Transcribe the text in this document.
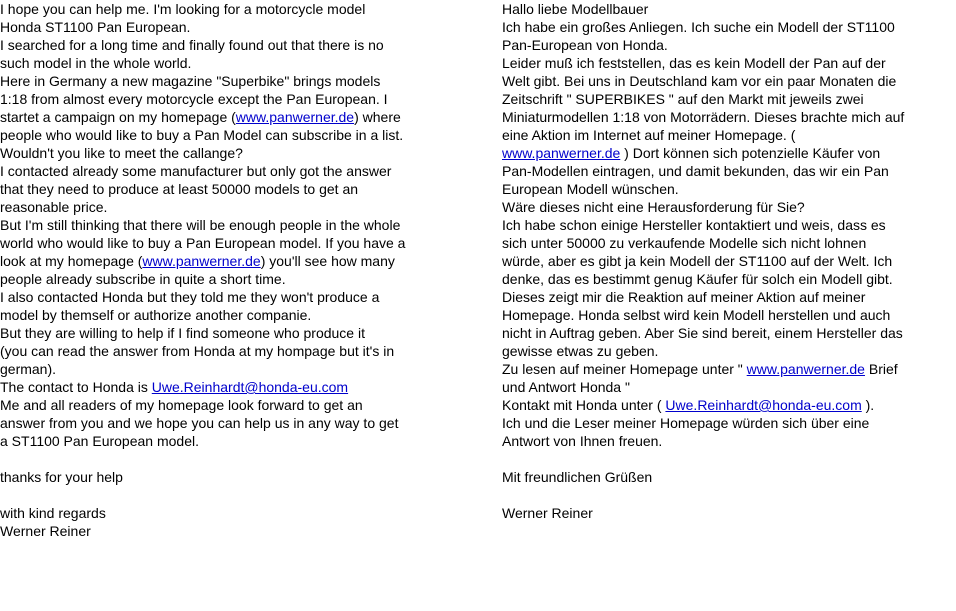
I hope you can help me. I'm looking for a motorcycle model
Honda ST1100 Pan European.
I searched for a long time and finally found out that there is no
such model in the whole world.
Here in Germany a new magazine "Superbike" brings models
1:18 from almost every motorcycle except the Pan European. I
startet a campaign on my homepage (www.panwerner.de) where
people who would like to buy a Pan Model can subscribe in a list.
Wouldn't you like to meet the callange?
I contacted already some manufacturer but only got the answer
that they need to produce at least 50000 models to get an
reasonable price.
But I'm still thinking that there will be enough people in the whole
world who would like to buy a Pan European model. If you have a
look at my homepage (www.panwerner.de) you'll see how many
people already subscribe in quite a short time.
I also contacted Honda but they told me they won't produce a
model by themself or authorize another companie.
But they are willing to help if I find someone who produce it
(you can read the answer from Honda at my hompage but it's in
german).
The contact to Honda is Uwe.Reinhardt@honda-eu.com
Me and all readers of my homepage look forward to get an
answer from you and we hope you can help us in any way to get
a ST1100 Pan European model.
thanks for your help
with kind regards
Werner Reiner
Hallo liebe Modellbauer
Ich habe ein großes Anliegen. Ich suche ein Modell der ST1100
Pan-European von Honda.
Leider muß ich feststellen, das es kein Modell der Pan auf der
Welt gibt. Bei uns in Deutschland kam vor ein paar Monaten die
Zeitschrift " SUPERBIKES " auf den Markt mit jeweils zwei
Miniaturmodellen 1:18 von Motorrädern. Dieses brachte mich auf
eine Aktion im Internet auf meiner Homepage. (
www.panwerner.de ) Dort können sich potenzielle Käufer von
Pan-Modellen eintragen, und damit bekunden, das wir ein Pan
European Modell wünschen.
Wäre dieses nicht eine Herausforderung für Sie?
Ich habe schon einige Hersteller kontaktiert und weis, dass es
sich unter 50000 zu verkaufende Modelle sich nicht lohnen
würde, aber es gibt ja kein Modell der ST1100 auf der Welt. Ich
denke, das es bestimmt genug Käufer für solch ein Modell gibt.
Dieses zeigt mir die Reaktion auf meiner Aktion auf meiner
Homepage. Honda selbst wird kein Modell herstellen und auch
nicht in Auftrag geben. Aber Sie sind bereit, einem Hersteller das
gewisse etwas zu geben.
Zu lesen auf meiner Homepage unter " www.panwerner.de Brief
und Antwort Honda "
Kontakt mit Honda unter ( Uwe.Reinhardt@honda-eu.com ).
Ich und die Leser meiner Homepage würden sich über eine
Antwort von Ihnen freuen.
Mit freundlichen Grüßen
Werner Reiner
